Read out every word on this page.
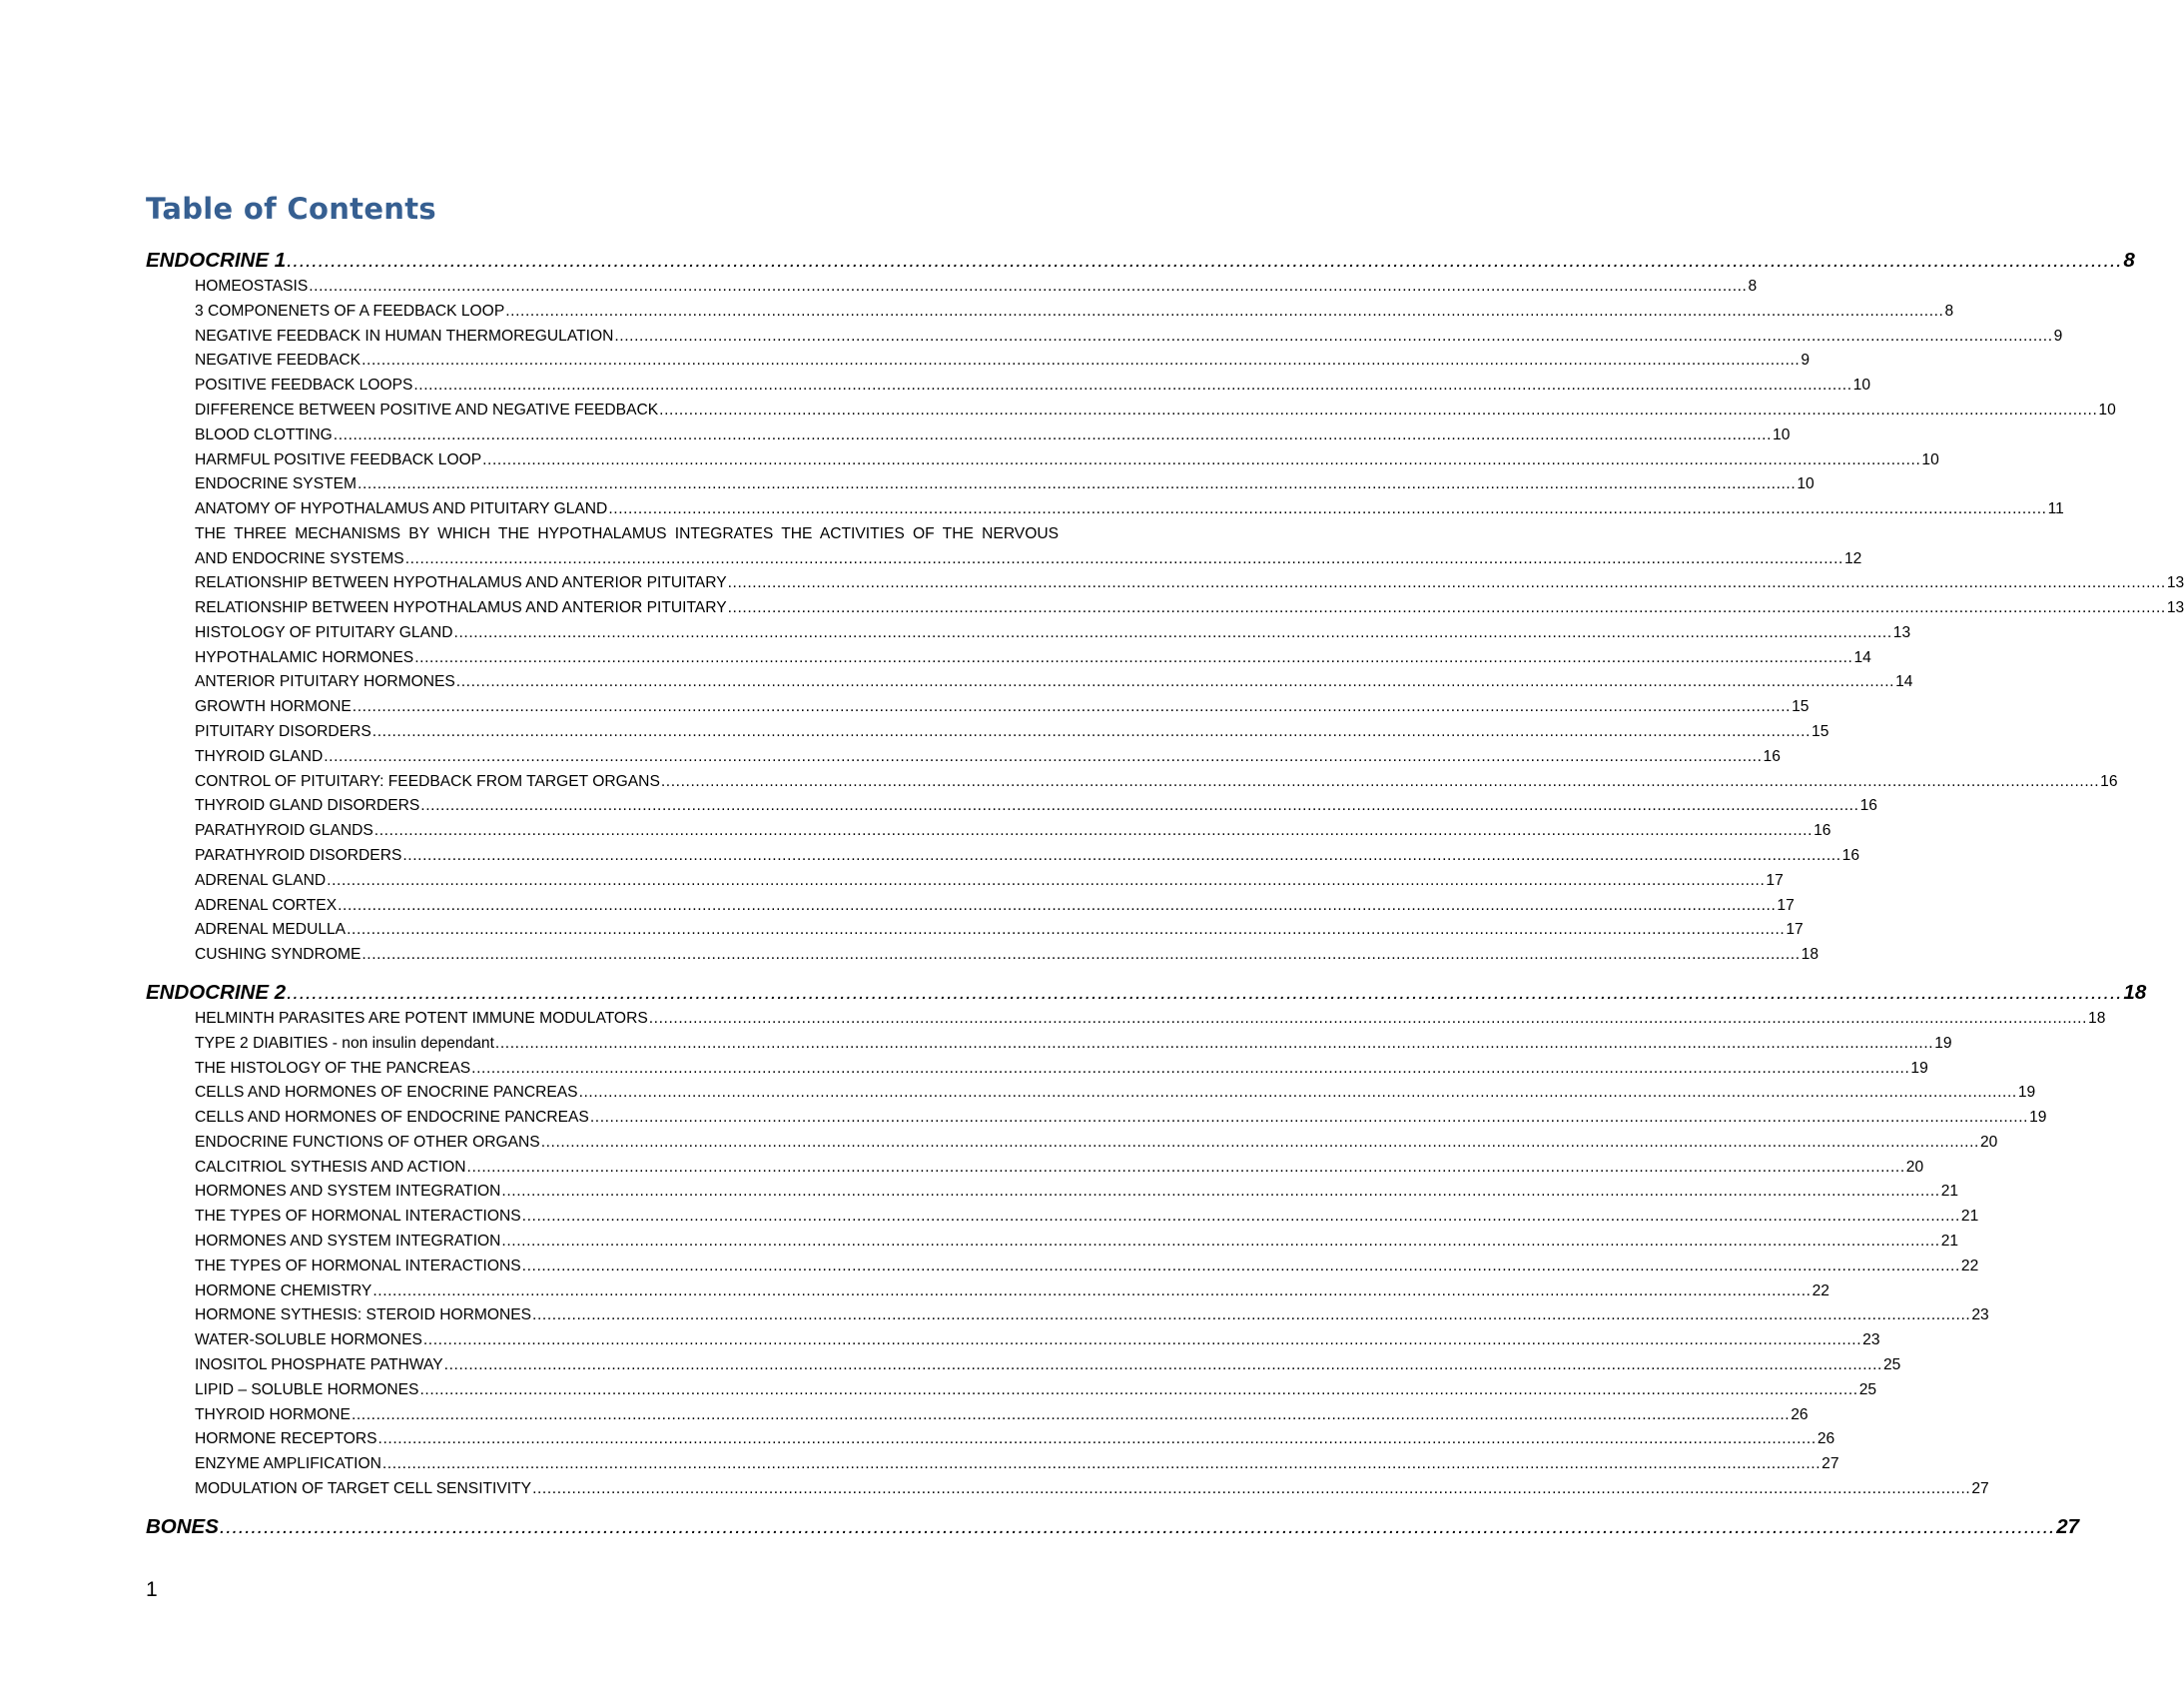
Table of Contents
ENDOCRINE 1 .................................................................................................................................................................................................................................................................................................... 8
HOMEOSTASIS .................................................................................................................................................................................................................................................................................................... 8
3 COMPONENETS OF A FEEDBACK LOOP .................................................................................................................................................................................................................................................................................................... 8
NEGATIVE FEEDBACK IN HUMAN THERMOREGULATION .................................................................................................................................................................................................................................................................................................... 9
NEGATIVE FEEDBACK .................................................................................................................................................................................................................................................................................................... 9
POSITIVE FEEDBACK LOOPS .................................................................................................................................................................................................................................................................................................... 10
DIFFERENCE BETWEEN POSITIVE AND NEGATIVE FEEDBACK .................................................................................................................................................................................................................................................................................................... 10
BLOOD CLOTTING .................................................................................................................................................................................................................................................................................................... 10
HARMFUL POSITIVE FEEDBACK LOOP .................................................................................................................................................................................................................................................................................................... 10
ENDOCRINE SYSTEM .................................................................................................................................................................................................................................................................................................... 10
ANATOMY OF HYPOTHALAMUS AND PITUITARY GLAND .................................................................................................................................................................................................................................................................................................... 11
THE THREE MECHANISMS BY WHICH THE HYPOTHALAMUS INTEGRATES THE ACTIVITIES OF THE NERVOUS
AND ENDOCRINE SYSTEMS .................................................................................................................................................................................................................................................................................................... 12
RELATIONSHIP BETWEEN HYPOTHALAMUS AND ANTERIOR PITUITARY .................................................................................................................................................................................................................................................................................................... 13
RELATIONSHIP BETWEEN HYPOTHALAMUS AND ANTERIOR PITUITARY .................................................................................................................................................................................................................................................................................................... 13
HISTOLOGY OF PITUITARY GLAND .................................................................................................................................................................................................................................................................................................... 13
HYPOTHALAMIC HORMONES .................................................................................................................................................................................................................................................................................................... 14
ANTERIOR PITUITARY HORMONES .................................................................................................................................................................................................................................................................................................... 14
GROWTH HORMONE .................................................................................................................................................................................................................................................................................................... 15
PITUITARY DISORDERS .................................................................................................................................................................................................................................................................................................... 15
THYROID GLAND .................................................................................................................................................................................................................................................................................................... 16
CONTROL OF PITUITARY: FEEDBACK FROM TARGET ORGANS .................................................................................................................................................................................................................................................................................................... 16
THYROID GLAND DISORDERS .................................................................................................................................................................................................................................................................................................... 16
PARATHYROID GLANDS .................................................................................................................................................................................................................................................................................................... 16
PARATHYROID DISORDERS .................................................................................................................................................................................................................................................................................................... 16
ADRENAL GLAND .................................................................................................................................................................................................................................................................................................... 17
ADRENAL CORTEX .................................................................................................................................................................................................................................................................................................... 17
ADRENAL MEDULLA .................................................................................................................................................................................................................................................................................................... 17
CUSHING SYNDROME .................................................................................................................................................................................................................................................................................................... 18
ENDOCRINE 2 .................................................................................................................................................................................................................................................................................................... 18
HELMINTH PARASITES ARE POTENT IMMUNE MODULATORS .................................................................................................................................................................................................................................................................................................... 18
TYPE 2 DIABITIES - non insulin dependant .................................................................................................................................................................................................................................................................................................... 19
THE HISTOLOGY OF THE PANCREAS .................................................................................................................................................................................................................................................................................................... 19
CELLS AND HORMONES OF ENOCRINE PANCREAS .................................................................................................................................................................................................................................................................................................... 19
CELLS AND HORMONES OF ENDOCRINE PANCREAS .................................................................................................................................................................................................................................................................................................... 19
ENDOCRINE FUNCTIONS OF OTHER ORGANS .................................................................................................................................................................................................................................................................................................... 20
CALCITRIOL SYTHESIS AND ACTION .................................................................................................................................................................................................................................................................................................... 20
HORMONES AND SYSTEM INTEGRATION .................................................................................................................................................................................................................................................................................................... 21
THE TYPES OF HORMONAL INTERACTIONS .................................................................................................................................................................................................................................................................................................... 21
HORMONES AND SYSTEM INTEGRATION .................................................................................................................................................................................................................................................................................................... 21
THE TYPES OF HORMONAL INTERACTIONS .................................................................................................................................................................................................................................................................................................... 22
HORMONE CHEMISTRY .................................................................................................................................................................................................................................................................................................... 22
HORMONE SYTHESIS: STEROID HORMONES .................................................................................................................................................................................................................................................................................................... 23
WATER-SOLUBLE HORMONES .................................................................................................................................................................................................................................................................................................... 23
INOSITOL PHOSPHATE PATHWAY .................................................................................................................................................................................................................................................................................................... 25
LIPID – SOLUBLE HORMONES .................................................................................................................................................................................................................................................................................................... 25
THYROID HORMONE .................................................................................................................................................................................................................................................................................................... 26
HORMONE RECEPTORS .................................................................................................................................................................................................................................................................................................... 26
ENZYME AMPLIFICATION .................................................................................................................................................................................................................................................................................................... 27
MODULATION OF TARGET CELL SENSITIVITY .................................................................................................................................................................................................................................................................................................... 27
BONES .................................................................................................................................................................................................................................................................................................... 27
1
